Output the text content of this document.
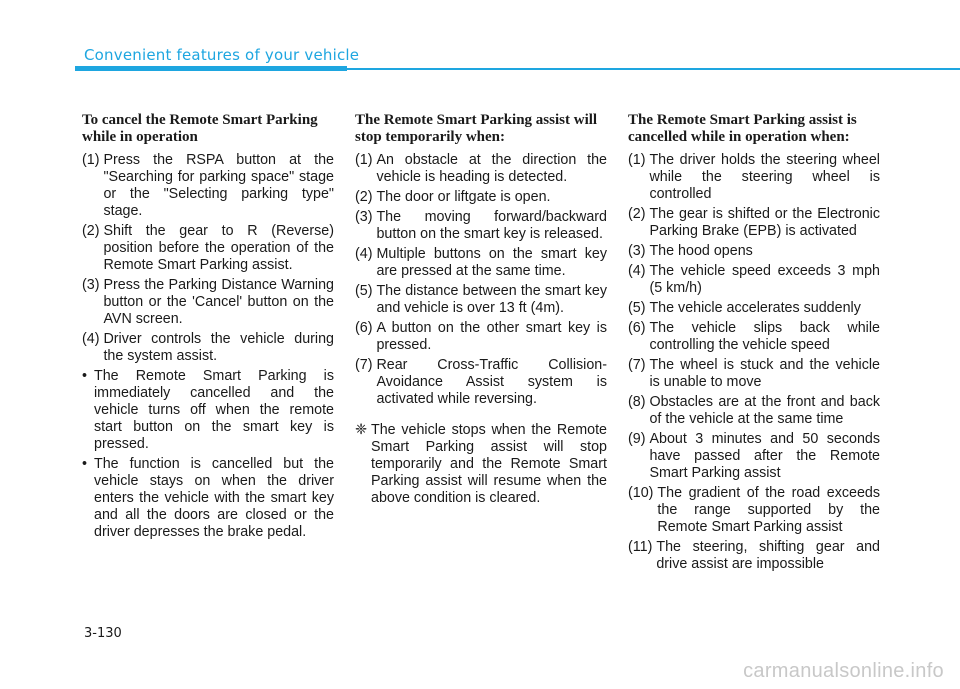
Convenient features of your vehicle
To cancel the Remote Smart Parking while in operation
(1) Press the RSPA button at the "Searching for parking space" stage or the "Selecting parking type" stage.
(2) Shift the gear to R (Reverse) position before the operation of the Remote Smart Parking assist.
(3) Press the Parking Distance Warning button or the 'Cancel' button on the AVN screen.
(4) Driver controls the vehicle during the system assist.
• The Remote Smart Parking is immediately cancelled and the vehicle turns off when the remote start button on the smart key is pressed.
• The function is cancelled but the vehicle stays on when the driver enters the vehicle with the smart key and all the doors are closed or the driver depresses the brake pedal.
The Remote Smart Parking assist will stop temporarily when:
(1) An obstacle at the direction the vehicle is heading is detected.
(2) The door or liftgate is open.
(3) The moving forward/backward button on the smart key is released.
(4) Multiple buttons on the smart key are pressed at the same time.
(5) The distance between the smart key and vehicle is over 13 ft (4m).
(6) A button on the other smart key is pressed.
(7) Rear Cross-Traffic Collision-Avoidance Assist system is activated while reversing.
❈ The vehicle stops when the Remote Smart Parking assist will stop temporarily and the Remote Smart Parking assist will resume when the above condition is cleared.
The Remote Smart Parking assist is cancelled while in operation when:
(1) The driver holds the steering wheel while the steering wheel is controlled
(2) The gear is shifted or the Electronic Parking Brake (EPB) is activated
(3) The hood opens
(4) The vehicle speed exceeds 3 mph (5 km/h)
(5) The vehicle accelerates suddenly
(6) The vehicle slips back while controlling the vehicle speed
(7) The wheel is stuck and the vehicle is unable to move
(8) Obstacles are at the front and back of the vehicle at the same time
(9) About 3 minutes and 50 seconds have passed after the Remote Smart Parking assist
(10) The gradient of the road exceeds the range supported by the Remote Smart Parking assist
(11) The steering, shifting gear and drive assist are impossible
3-130
carmanualsonline.info
